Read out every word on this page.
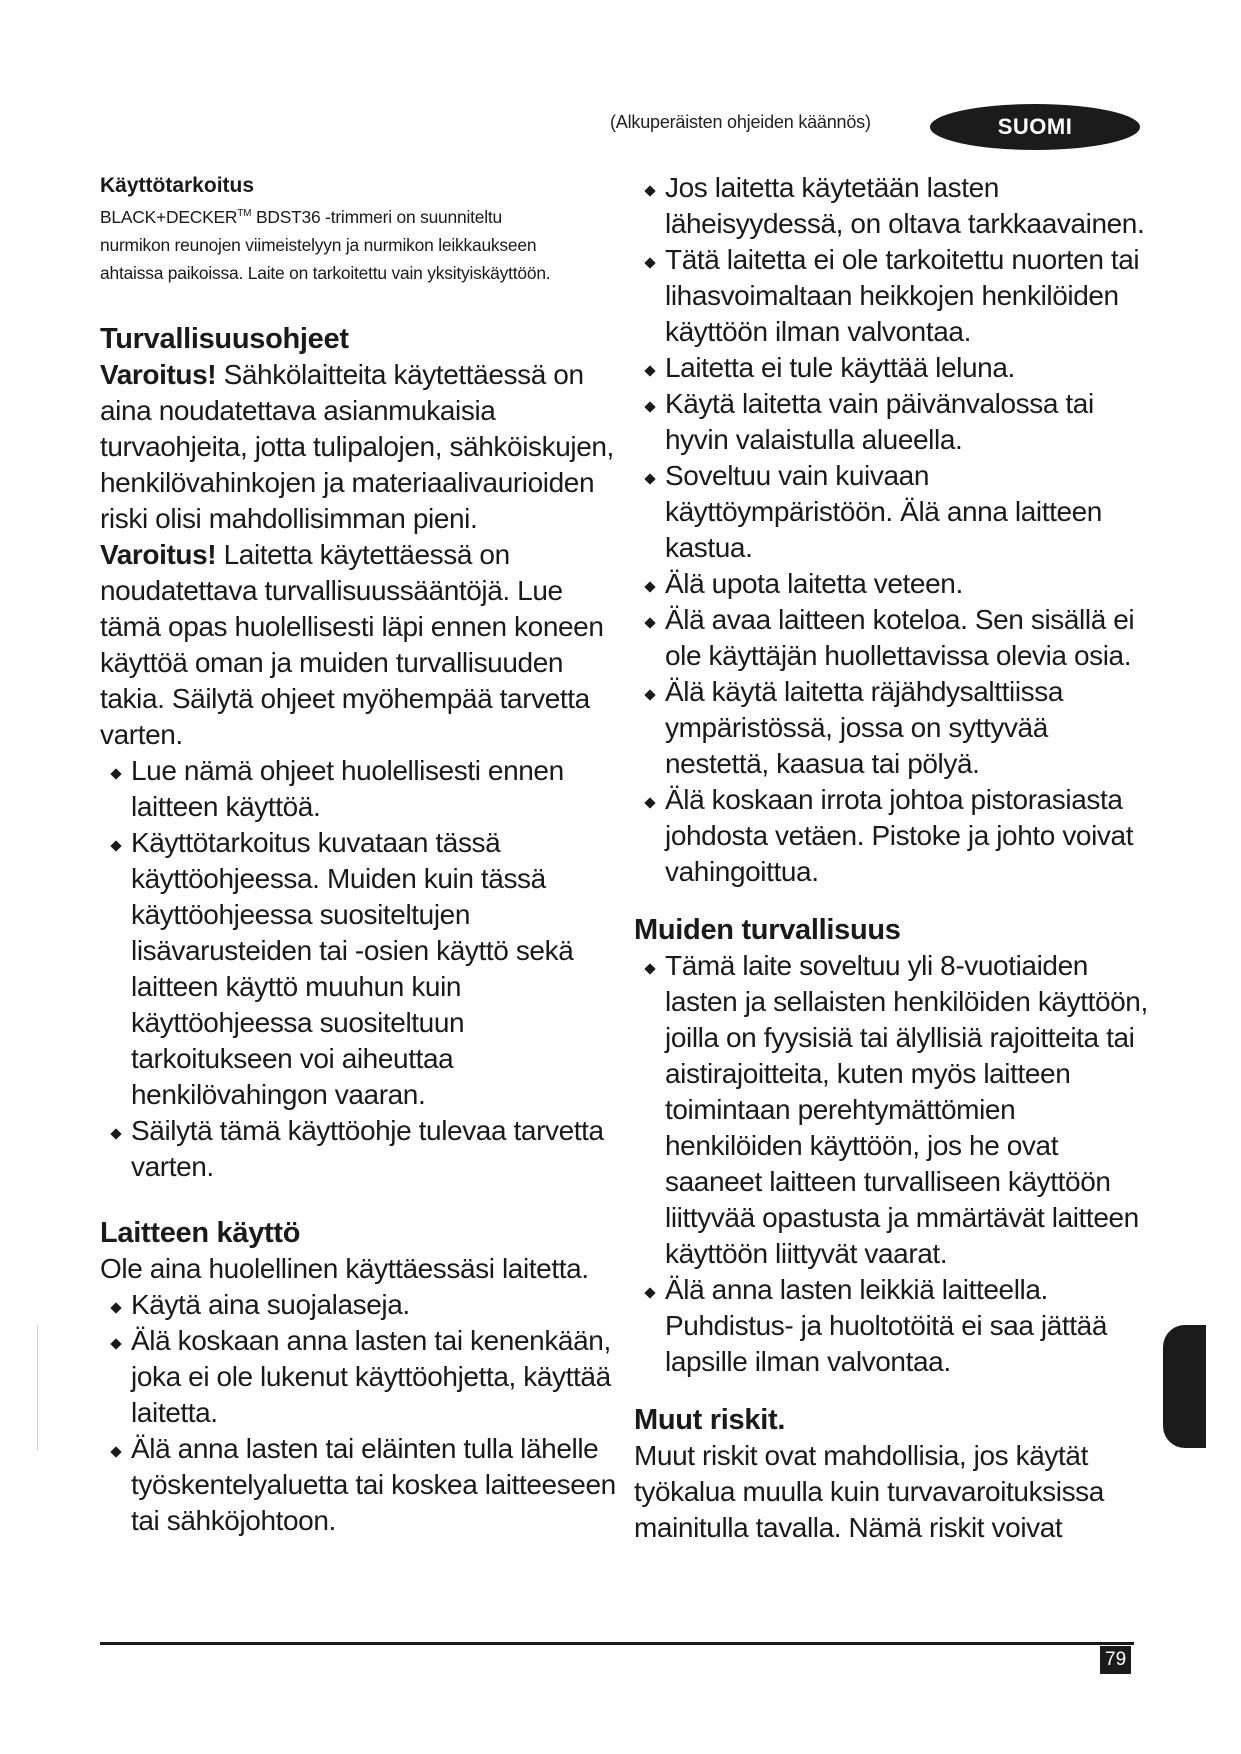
(Alkuperäisten ohjeiden käännös)	SUOMI
Käyttötarkoitus

BLACK+DECKER™ BDST36 -trimmeri on suunniteltu
nurmikon reunojen viimeistelyyn ja nurmikon leikkaukseen
ahtaissa paikoissa. Laite on tarkoitettu vain yksityiskäyttöön.

Turvallisuusohjeet

Varoitus! Sähkölaitteita käytettäessä on aina noudatettava asianmukaisia turvaohjeita, jotta tulipalojen, sähköiskujen, henkilövahinkojen ja materiaalivaurioiden riski olisi mahdollisimman pieni.

Varoitus! Laitetta käytettäessä on noudatettava turvallisuussääntöjä. Lue tämä opas huolellisesti läpi ennen koneen käyttöä oman ja muiden turvallisuuden takia. Säilytä ohjeet myöhempää tarvetta varten.

Lue nämä ohjeet huolellisesti ennen laitteen käyttöä.
Käyttötarkoitus kuvataan tässä käyttöohjeessa. Muiden kuin tässä käyttöohjeessa suositeltujen lisävarusteiden tai -osien käyttö sekä laitteen käyttö muuhun kuin käyttöohjeessa suositeltuun tarkoitukseen voi aiheuttaa henkilövahingon vaaran.
Säilytä tämä käyttöohje tulevaa tarvetta varten.
Laitteen käyttö

Ole aina huolellinen käyttäessäsi laitetta.

Käytä aina suojalaseja.
Älä koskaan anna lasten tai kenenkään, joka ei ole lukenut käyttöohjetta, käyttää laitetta.
Älä anna lasten tai eläinten tulla lähelle työskentelyaluetta tai koskea laitteeseen tai sähköjohtoon.
Jos laitetta käytetään lasten läheisyydessä, on oltava tarkkaavainen.
Tätä laitetta ei ole tarkoitettu nuorten tai lihasvoimaltaan heikkojen henkilöiden käyttöön ilman valvontaa.
Laitetta ei tule käyttää leluna.
Käytä laitetta vain päivänvalossa tai hyvin valaistulla alueella.
Soveltuu vain kuivaan käyttöympäristöön. Älä anna laitteen kastua.
Älä upota laitetta veteen.
Älä avaa laitteen koteloa. Sen sisällä ei ole käyttäjän huollettavissa olevia osia.
Älä käytä laitetta räjähdysalttiissa ympäristössä, jossa on syttyvää nestettä, kaasua tai pölyä.
Älä koskaan irrota johtoa pistorasiasta johdosta vetäen. Pistoke ja johto voivat vahingoittua.
Muiden turvallisuus
Tämä laite soveltuu yli 8-vuotiaiden lasten ja sellaisten henkilöiden käyttöön, joilla on fyysisiä tai älyllisiä rajoitteita tai aistirajoitteita, kuten myös laitteen toimintaan perehtymättömien henkilöiden käyttöön, jos he ovat saaneet laitteen turvalliseen käyttöön liittyvää opastusta ja mmärtävät laitteen käyttöön liittyvät vaarat.
Älä anna lasten leikkiä laitteella. Puhdistus- ja huoltotöitä ei saa jättää lapsille ilman valvontaa.
Muut riskit.

Muut riskit ovat mahdollisia, jos käytät työkalua muulla kuin turvavaroituksissa mainitulla tavalla. Nämä riskit voivat

79
